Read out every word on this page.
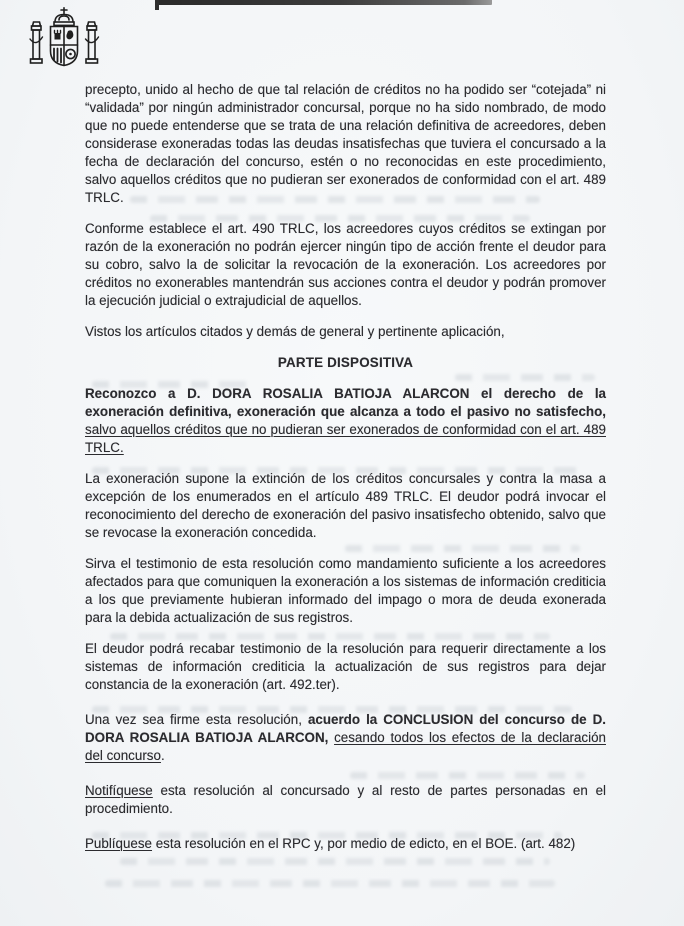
precepto, unido al hecho de que tal relación de créditos no ha podido ser “cotejada” ni “validada” por ningún administrador concursal, porque no ha sido nombrado, de modo que no puede entenderse que se trata de una relación definitiva de acreedores, deben considerase exoneradas todas las deudas insatisfechas que tuviera el concursado a la fecha de declaración del concurso, estén o no reconocidas en este procedimiento, salvo aquellos créditos que no pudieran ser exonerados de conformidad con el art. 489 TRLC.

Conforme establece el art. 490 TRLC, los acreedores cuyos créditos se extingan por razón de la exoneración no podrán ejercer ningún tipo de acción frente el deudor para su cobro, salvo la de solicitar la revocación de la exoneración. Los acreedores por créditos no exonerables mantendrán sus acciones contra el deudor y podrán promover la ejecución judicial o extrajudicial de aquellos.

Vistos los artículos citados y demás de general y pertinente aplicación,

PARTE DISPOSITIVA

Reconozco a D. DORA ROSALIA BATIOJA ALARCON el derecho de la exoneración definitiva, exoneración que alcanza a todo el pasivo no satisfecho, salvo aquellos créditos que no pudieran ser exonerados de conformidad con el art. 489 TRLC.

La exoneración supone la extinción de los créditos concursales y contra la masa a excepción de los enumerados en el artículo 489 TRLC. El deudor podrá invocar el reconocimiento del derecho de exoneración del pasivo insatisfecho obtenido, salvo que se revocase la exoneración concedida.

Sirva el testimonio de esta resolución como mandamiento suficiente a los acreedores afectados para que comuniquen la exoneración a los sistemas de información crediticia a los que previamente hubieran informado del impago o mora de deuda exonerada para la debida actualización de sus registros.

El deudor podrá recabar testimonio de la resolución para requerir directamente a los sistemas de información crediticia la actualización de sus registros para dejar constancia de la exoneración (art. 492.ter).

Una vez sea firme esta resolución, acuerdo la CONCLUSION del concurso de D. DORA ROSALIA BATIOJA ALARCON, cesando todos los efectos de la declaración del concurso.

Notifíquese esta resolución al concursado y al resto de partes personadas en el procedimiento.

Publíquese esta resolución en el RPC y, por medio de edicto, en el BOE. (art. 482)
